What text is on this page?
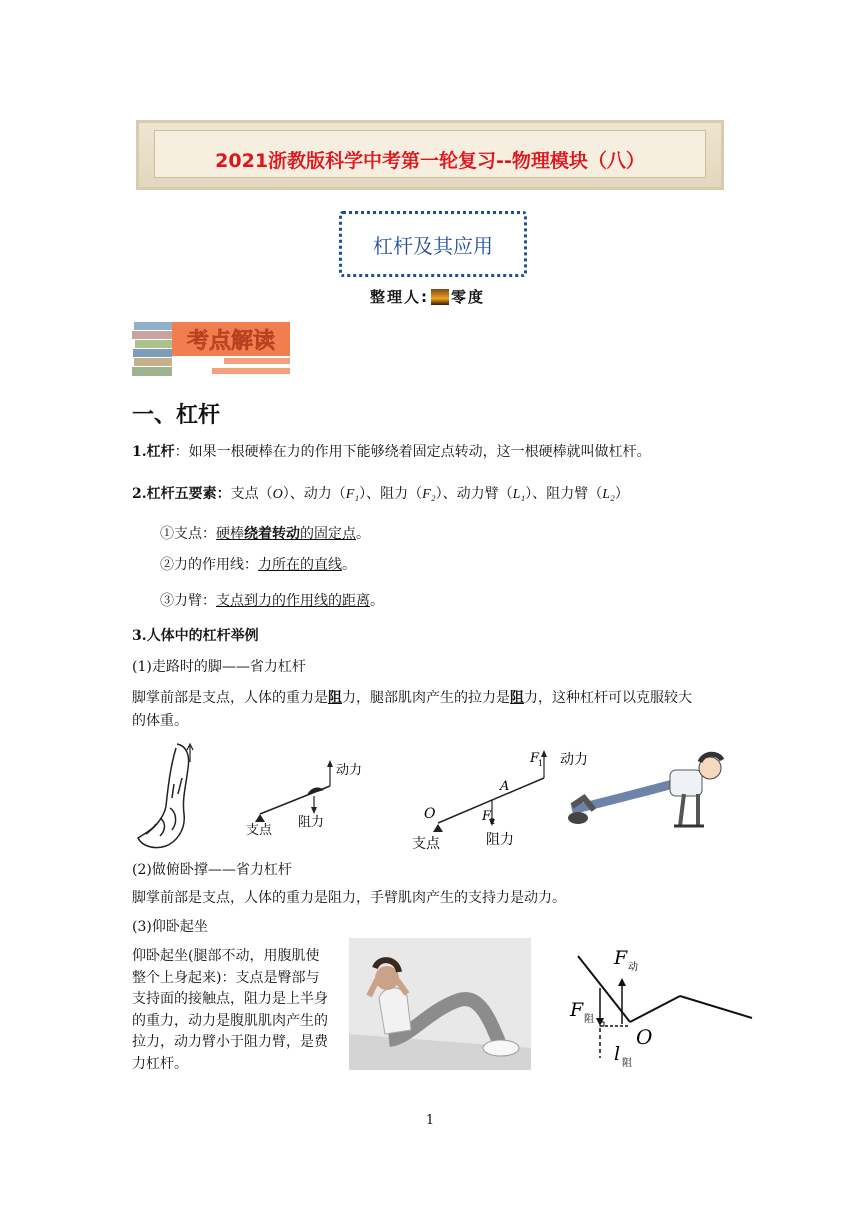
2021浙教版科学中考第一轮复习--物理模块（八）
杠杆及其应用
整理人: 零度
考点解读
一、杠杆
1.杠杆：如果一根硬棒在力的作用下能够绕着固定点转动，这一根硬棒就叫做杠杆。
2.杠杆五要素：支点（O）、动力（F₁）、阻力（F₂）、动力臂（L₁）、阻力臂（L₂）
①支点：硬棒绕着转动的固定点。
②力的作用线：力所在的直线。
③力臂：支点到力的作用线的距离。
3.人体中的杠杆举例
(1)走路时的脚——省力杠杆
脚掌前部是支点，人体的重力是阻力，腿部肌肉产生的拉力是阻力，这种杠杆可以克服较大
的体重。
动力
支点
阻力
O
A
F
1 动力
F
2
支点	阻力
(2)做俯卧撑——省力杠杆
脚掌前部是支点，人体的重力是阻力，手臂肌肉产生的支持力是动力。
(3)仰卧起坐
仰卧起坐(腿部不动，用腹肌使
整个上身起来)：支点是臀部与
支持面的接触点，阻力是上半身
的重力，动力是腹肌肌肉产生的
拉力，动力臂小于阻力臂，是费
力杠杆。
F 动
F 阻
O
l 阻
1
